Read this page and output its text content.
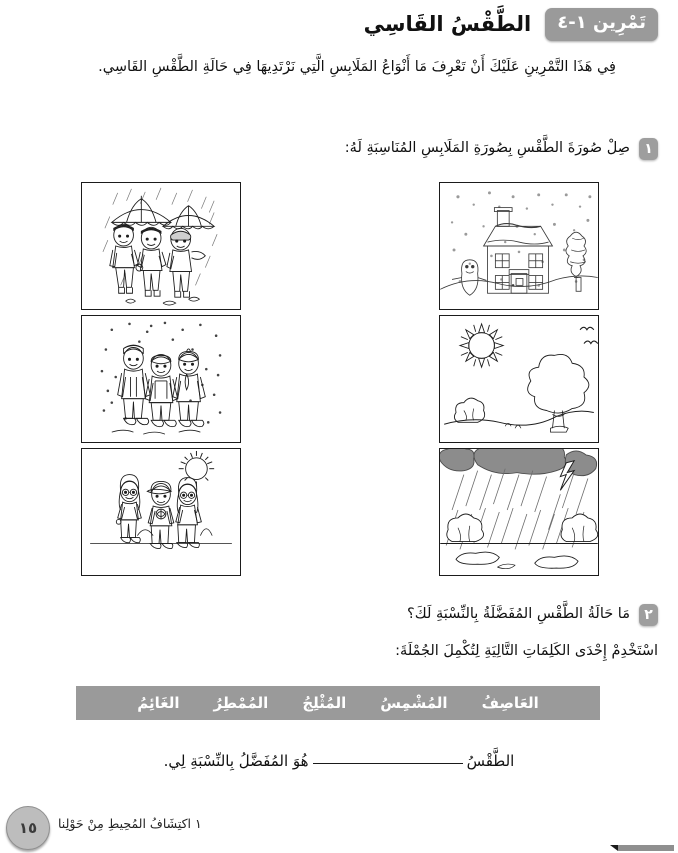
تَمْرِين ١-٤
الطَّقْسُ القَاسِي
فِي هَذَا التَّمْرِينِ عَلَيْكَ أَنْ تَعْرِفَ مَا أَنْوَاعُ المَلَابِسِ الَّتِي نَرْتَدِيهَا فِي حَالَةِ الطَّقْسِ القَاسِي.
١
صِلْ صُورَةَ الطَّقْسِ بِصُورَةِ المَلَابِسِ المُنَاسِبَةِ لَهُ:
٢
مَا حَالَةُ الطَّقْسِ المُفَضَّلَةُ بِالنِّسْبَةِ لَكَ؟
اسْتَخْدِمْ إِحْدَى الكَلِمَاتِ التَّالِيَةِ لِتُكْمِلَ الجُمْلَةَ:
العَاصِفُ
المُشْمِسُ
المُثْلِجُ
المُمْطِرُ
الغَائِمُ
الطَّقْسُهُوَ المُفَضَّلُ بِالنِّسْبَةِ لِي.
١٥	١ اكتِشَافُ المُحِيطِ مِنْ حَوْلِنا
